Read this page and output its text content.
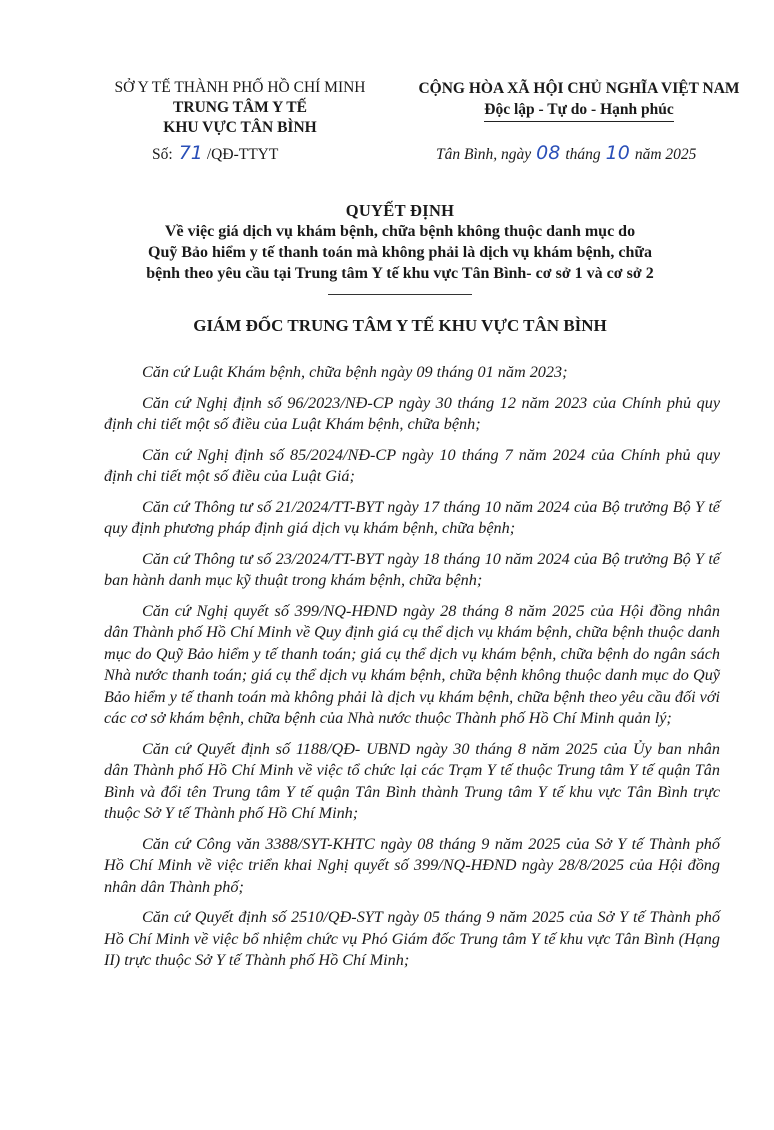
SỞ Y TẾ THÀNH PHỐ HỒ CHÍ MINH
TRUNG TÂM Y TẾ
KHU VỰC TÂN BÌNH
CỘNG HÒA XÃ HỘI CHỦ NGHĨA VIỆT NAM
Độc lập - Tự do - Hạnh phúc
Số: 71 /QĐ-TTYT	Tân Bình, ngày 08 tháng 10 năm 2025
QUYẾT ĐỊNH
Về việc giá dịch vụ khám bệnh, chữa bệnh không thuộc danh mục do
Quỹ Bảo hiểm y tế thanh toán mà không phải là dịch vụ khám bệnh, chữa
bệnh theo yêu cầu tại Trung tâm Y tế khu vực Tân Bình- cơ sở 1 và cơ sở 2
GIÁM ĐỐC TRUNG TÂM Y TẾ KHU VỰC TÂN BÌNH

Căn cứ Luật Khám bệnh, chữa bệnh ngày 09 tháng 01 năm 2023;

Căn cứ Nghị định số 96/2023/NĐ-CP ngày 30 tháng 12 năm 2023 của Chính phủ quy định chi tiết một số điều của Luật Khám bệnh, chữa bệnh;

Căn cứ Nghị định số 85/2024/NĐ-CP ngày 10 tháng 7 năm 2024 của Chính phủ quy định chi tiết một số điều của Luật Giá;

Căn cứ Thông tư số 21/2024/TT-BYT ngày 17 tháng 10 năm 2024 của Bộ trưởng Bộ Y tế quy định phương pháp định giá dịch vụ khám bệnh, chữa bệnh;

Căn cứ Thông tư số 23/2024/TT-BYT ngày 18 tháng 10 năm 2024 của Bộ trưởng Bộ Y tế ban hành danh mục kỹ thuật trong khám bệnh, chữa bệnh;

Căn cứ Nghị quyết số 399/NQ-HĐND ngày 28 tháng 8 năm 2025 của Hội đồng nhân dân Thành phố Hồ Chí Minh về Quy định giá cụ thể dịch vụ khám bệnh, chữa bệnh thuộc danh mục do Quỹ Bảo hiểm y tế thanh toán; giá cụ thể dịch vụ khám bệnh, chữa bệnh do ngân sách Nhà nước thanh toán; giá cụ thể dịch vụ khám bệnh, chữa bệnh không thuộc danh mục do Quỹ Bảo hiểm y tế thanh toán mà không phải là dịch vụ khám bệnh, chữa bệnh theo yêu cầu đối với các cơ sở khám bệnh, chữa bệnh của Nhà nước thuộc Thành phố Hồ Chí Minh quản lý;

Căn cứ Quyết định số 1188/QĐ- UBND ngày 30 tháng 8 năm 2025 của Ủy ban nhân dân Thành phố Hồ Chí Minh về việc tổ chức lại các Trạm Y tế thuộc Trung tâm Y tế quận Tân Bình và đổi tên Trung tâm Y tế quận Tân Bình thành Trung tâm Y tế khu vực Tân Bình trực thuộc Sở Y tế Thành phố Hồ Chí Minh;

Căn cứ Công văn 3388/SYT-KHTC ngày 08 tháng 9 năm 2025 của Sở Y tế Thành phố Hồ Chí Minh về việc triển khai Nghị quyết số 399/NQ-HĐND ngày 28/8/2025 của Hội đồng nhân dân Thành phố;

Căn cứ Quyết định số 2510/QĐ-SYT ngày 05 tháng 9 năm 2025 của Sở Y tế Thành phố Hồ Chí Minh về việc bổ nhiệm chức vụ Phó Giám đốc Trung tâm Y tế khu vực Tân Bình (Hạng II) trực thuộc Sở Y tế Thành phố Hồ Chí Minh;
